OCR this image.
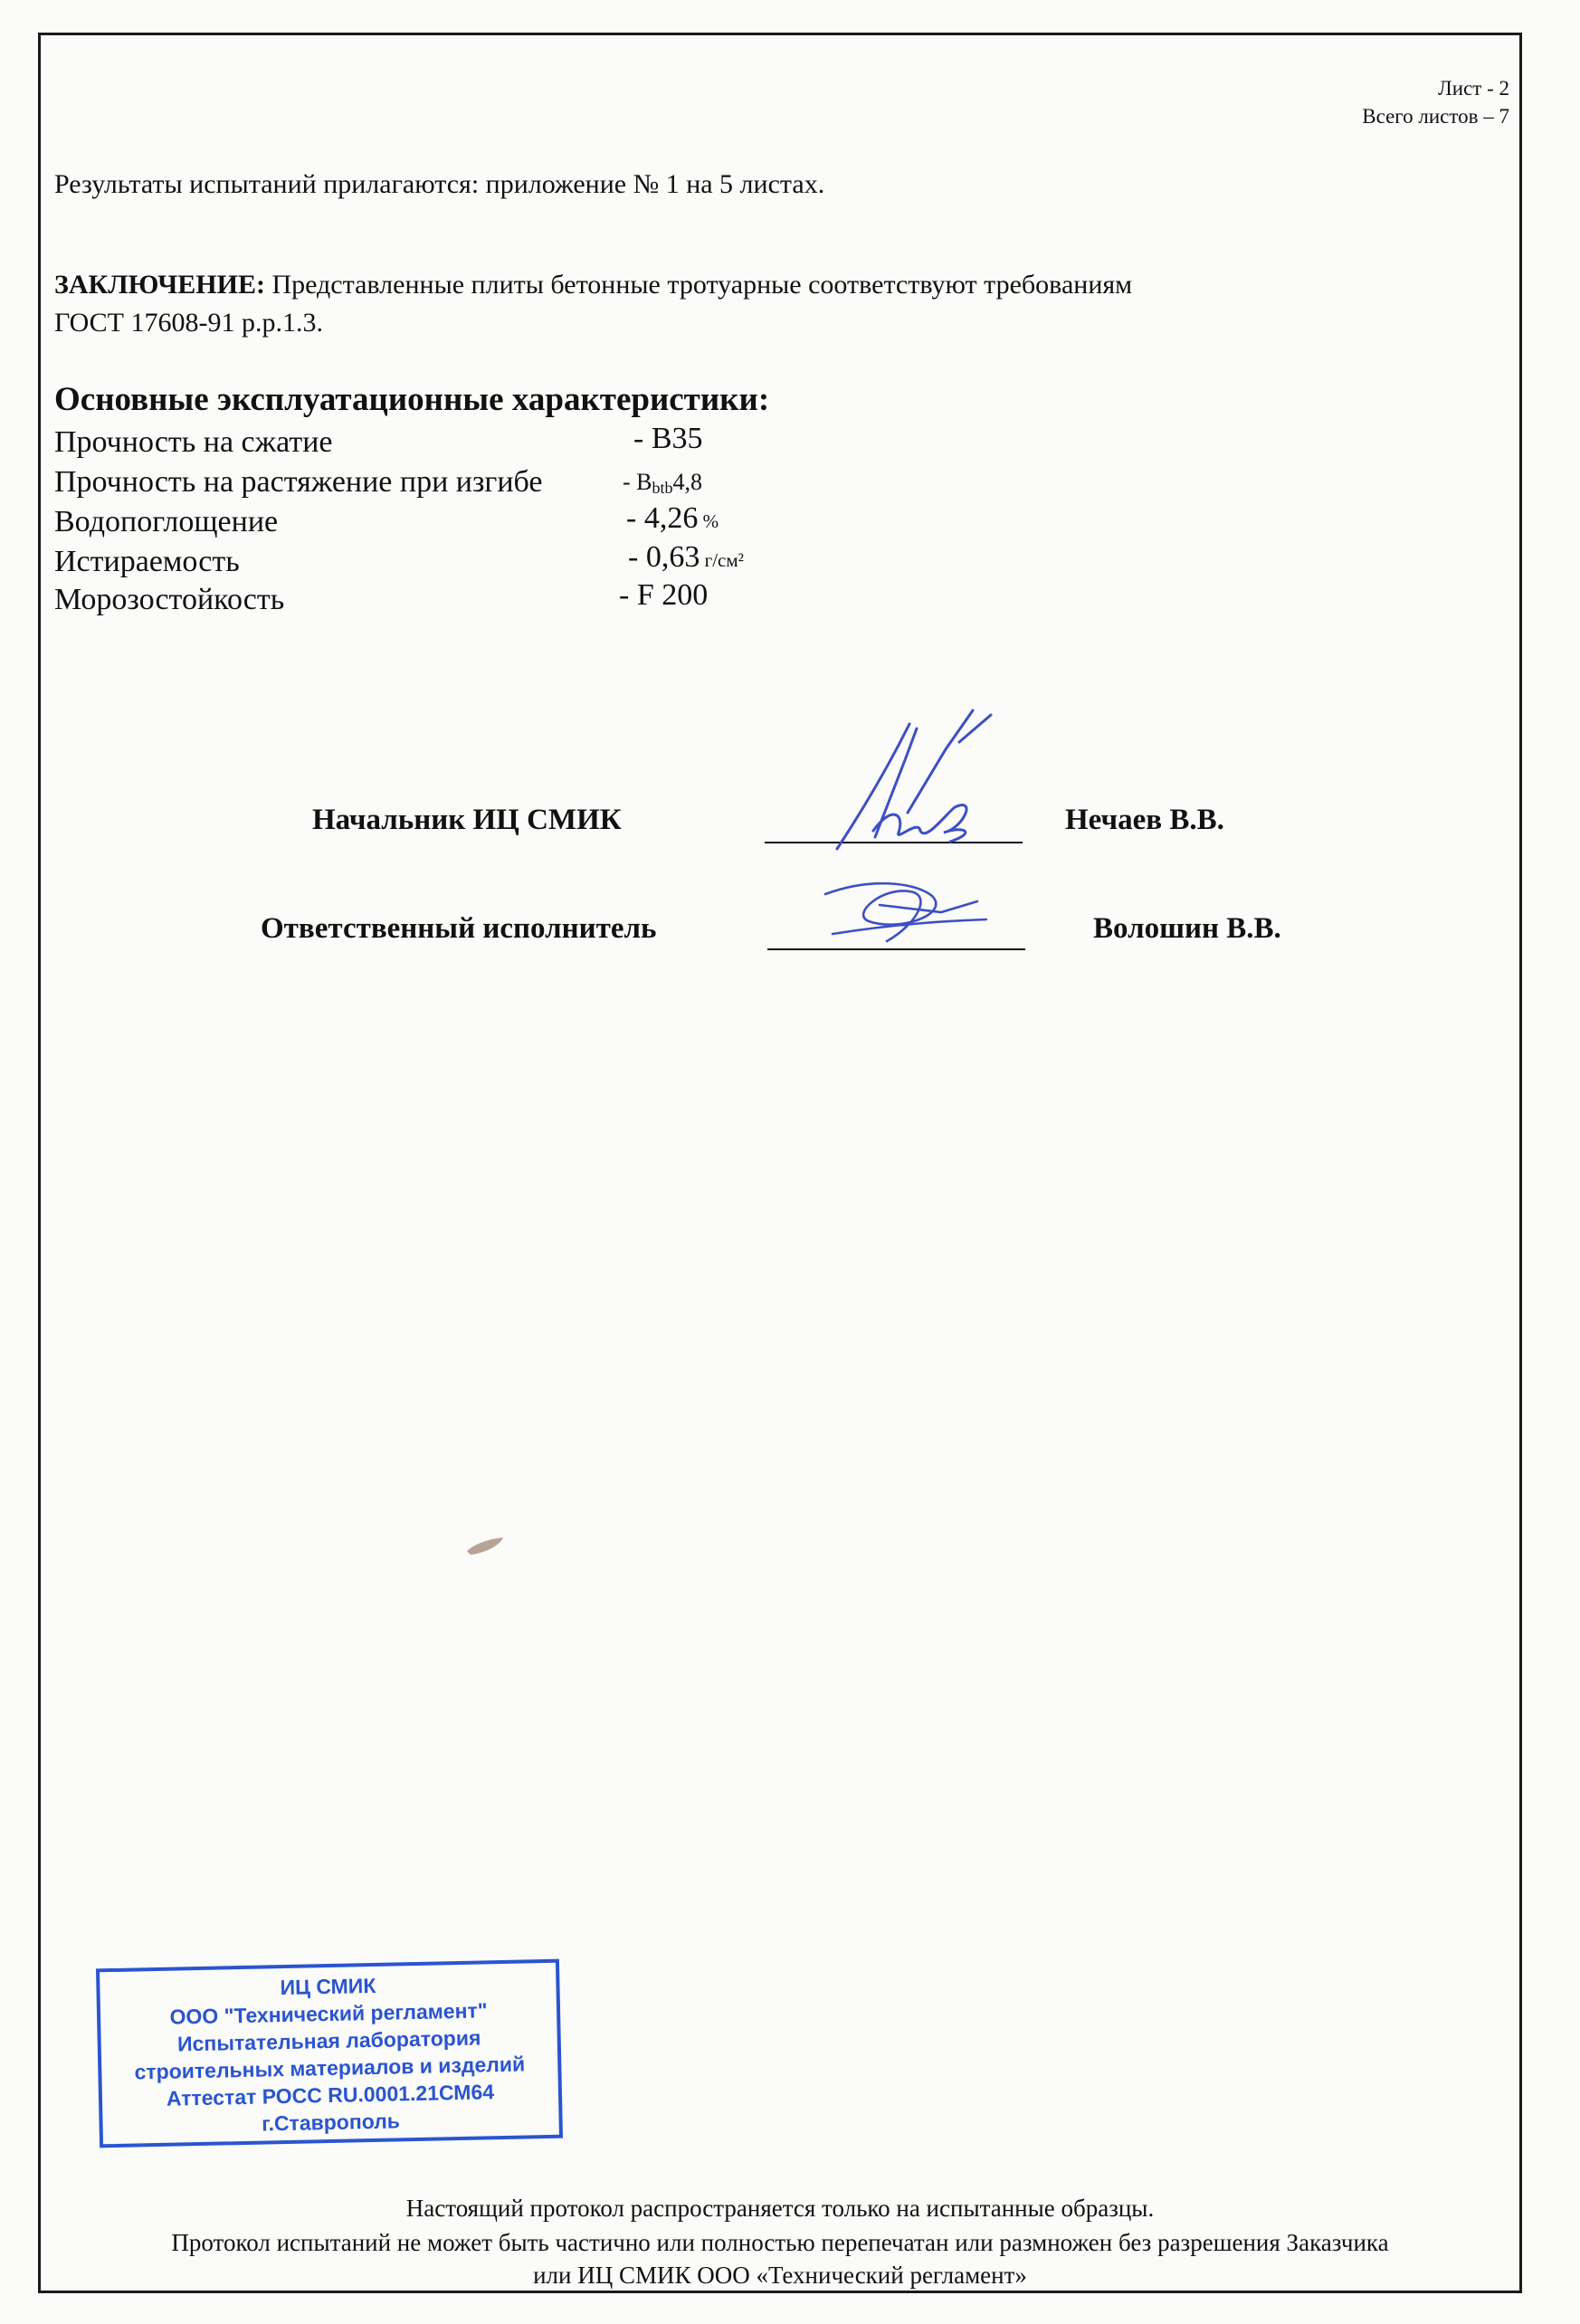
Лист - 2
Всего листов – 7
Результаты испытаний прилагаются: приложение № 1 на 5 листах.
ЗАКЛЮЧЕНИЕ: Представленные плиты бетонные тротуарные соответствуют требованиям
ГОСТ 17608-91 р.р.1.3.
Основные эксплуатационные характеристики:
Прочность на сжатие	- B35
Прочность на растяжение при изгибе	- $B_{btb}4,8$
Водопоглощение	- 4,26 %
Истираемость	- 0,63 г/см²
Морозостойкость	- F 200
Начальник ИЦ СМИК	Нечаев В.В.
Ответственный исполнитель	Волошин В.В.
ИЦ СМИК
ООО "Технический регламент"
Испытательная лаборатория
строительных материалов и изделий
Аттестат РОСС RU.0001.21СМ64
г.Ставрополь
Настоящий протокол распространяется только на испытанные образцы.
Протокол испытаний не может быть частично или полностью перепечатан или размножен без разрешения Заказчика
или ИЦ СМИК ООО «Технический регламент»
